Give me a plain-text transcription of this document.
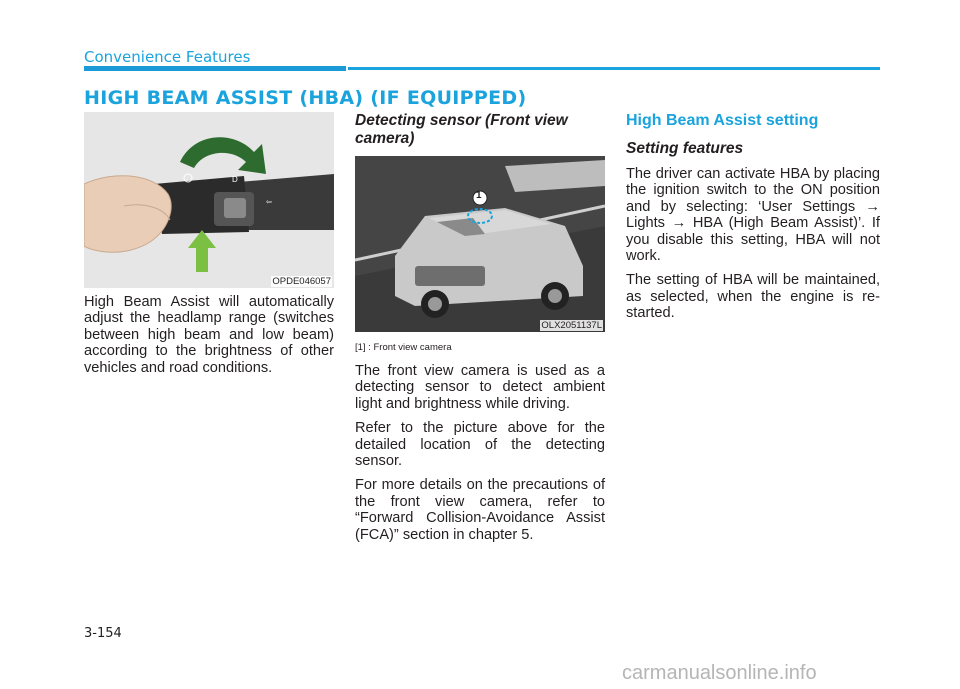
Convenience Features
HIGH BEAM ASSIST (HBA) (IF EQUIPPED)
D
⇦
OPDE046057

High Beam Assist will automatically adjust the headlamp range (switches between high beam and low beam) according to the brightness of other vehicles and road conditions.

Detecting sensor (Front view camera)

1
OLX2051137L

[1] : Front view camera

The front view camera is used as a detecting sensor to detect ambient light and brightness while driving.

Refer to the picture above for the detailed location of the detecting sensor.

For more details on the precautions of the front view camera, refer to “Forward Collision-Avoidance Assist (FCA)” section in chapter 5.

High Beam Assist setting

Setting features

The driver can activate HBA by placing the ignition switch to the ON position and by selecting: ‘User Settings → Lights → HBA (High Beam Assist)’. If you disable this setting, HBA will not work.

The setting of HBA will be maintained, as selected, when the engine is re-started.

3-154
carmanualsonline.info
